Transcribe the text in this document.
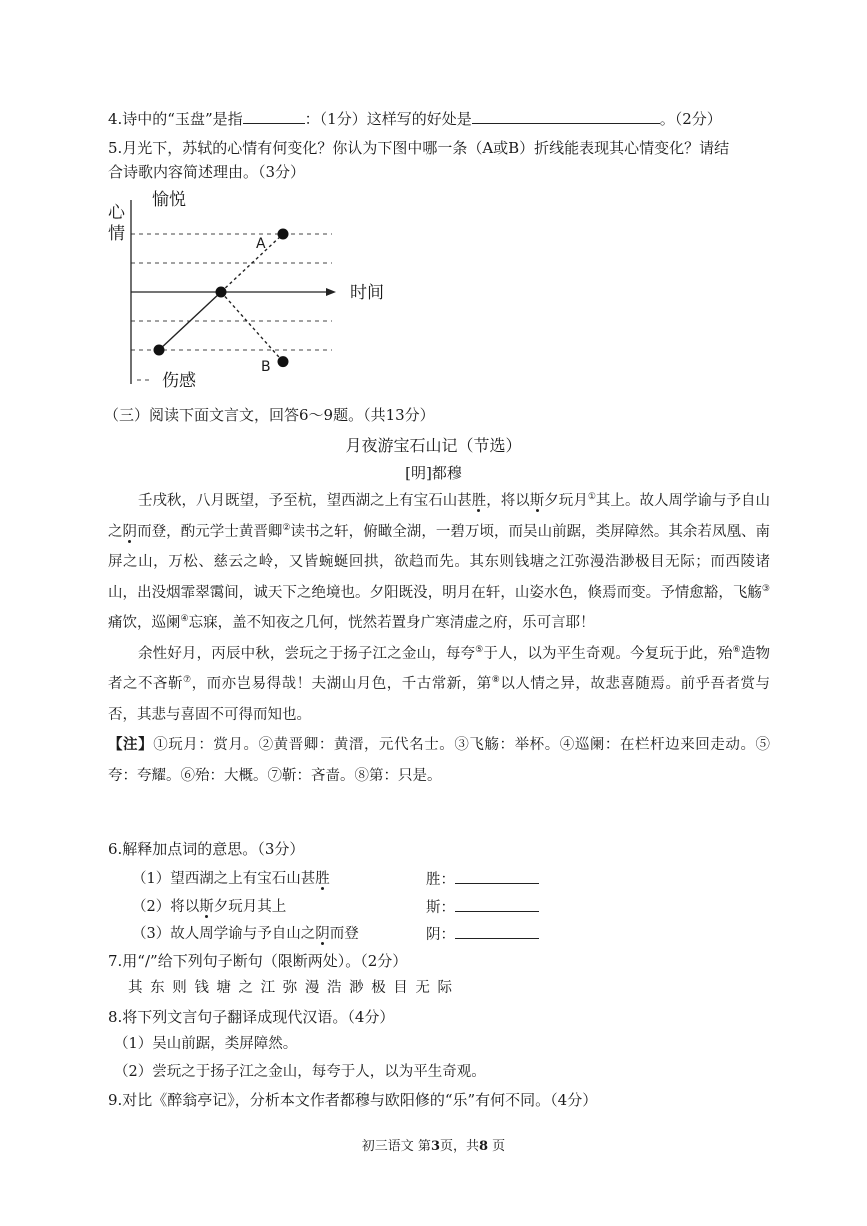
4.诗中的“玉盘”是指	：（1分）这样写的好处是	。（2分）
5.月光下，苏轼的心情有何变化？你认为下图中哪一条（A或B）折线能表现其心情变化？请结
合诗歌内容简述理由。（3分）
愉悦
心
情
时间
伤感
A
B
（三）阅读下面文言文，回答6～9题。（共13分）
月夜游宝石山记（节选）
[明]都穆

壬戌秋，八月既望，予至杭，望西湖之上有宝石山甚胜，将以斯夕玩月①其上。故人周学谕与予自山之阴而登，酌元学士黄晋卿②读书之轩，俯瞰全湖，一碧万顷，而吴山前踞，类屏障然。其余若凤凰、南屏之山，万松、慈云之岭，又皆蜿蜒回拱，欲趋而先。其东则钱塘之江弥漫浩渺极目无际；而西陵诸山，出没烟霏翠霭间，诚天下之绝境也。夕阳既没，明月在轩，山姿水色，倏焉而变。予情愈豁，飞觞③痛饮，巡阑④忘寐，盖不知夜之几何，恍然若置身广寒清虚之府，乐可言耶！

余性好月，丙辰中秋，尝玩之于扬子江之金山，每夸⑤于人，以为平生奇观。今复玩于此，殆⑥造物者之不吝靳⑦，而亦岂易得哉！夫湖山月色，千古常新，第⑧以人情之异，故悲喜随焉。前乎吾者赏与否，其悲与喜固不可得而知也。

【注】①玩月：赏月。②黄晋卿：黄溍，元代名士。③飞觞：举杯。④巡阑：在栏杆边来回走动。⑤夸：夸耀。⑥殆：大概。⑦靳：吝啬。⑧第：只是。

6.解释加点词的意思。（3分）
（1）望西湖之上有宝石山甚胜	胜：
（2）将以斯夕玩月其上	斯：
（3）故人周学谕与予自山之阴而登	阴：
7.用“/”给下列句子断句（限断两处）。（2分）
其 东 则 钱 塘 之 江 弥 漫 浩 渺 极 目 无 际
8.将下列文言句子翻译成现代汉语。（4分）
（1）吴山前踞，类屏障然。
（2）尝玩之于扬子江之金山，每夸于人，以为平生奇观。
9.对比《醉翁亭记》，分析本文作者都穆与欧阳修的“乐”有何不同。（4分）
初三语文 第3页，共8 页
